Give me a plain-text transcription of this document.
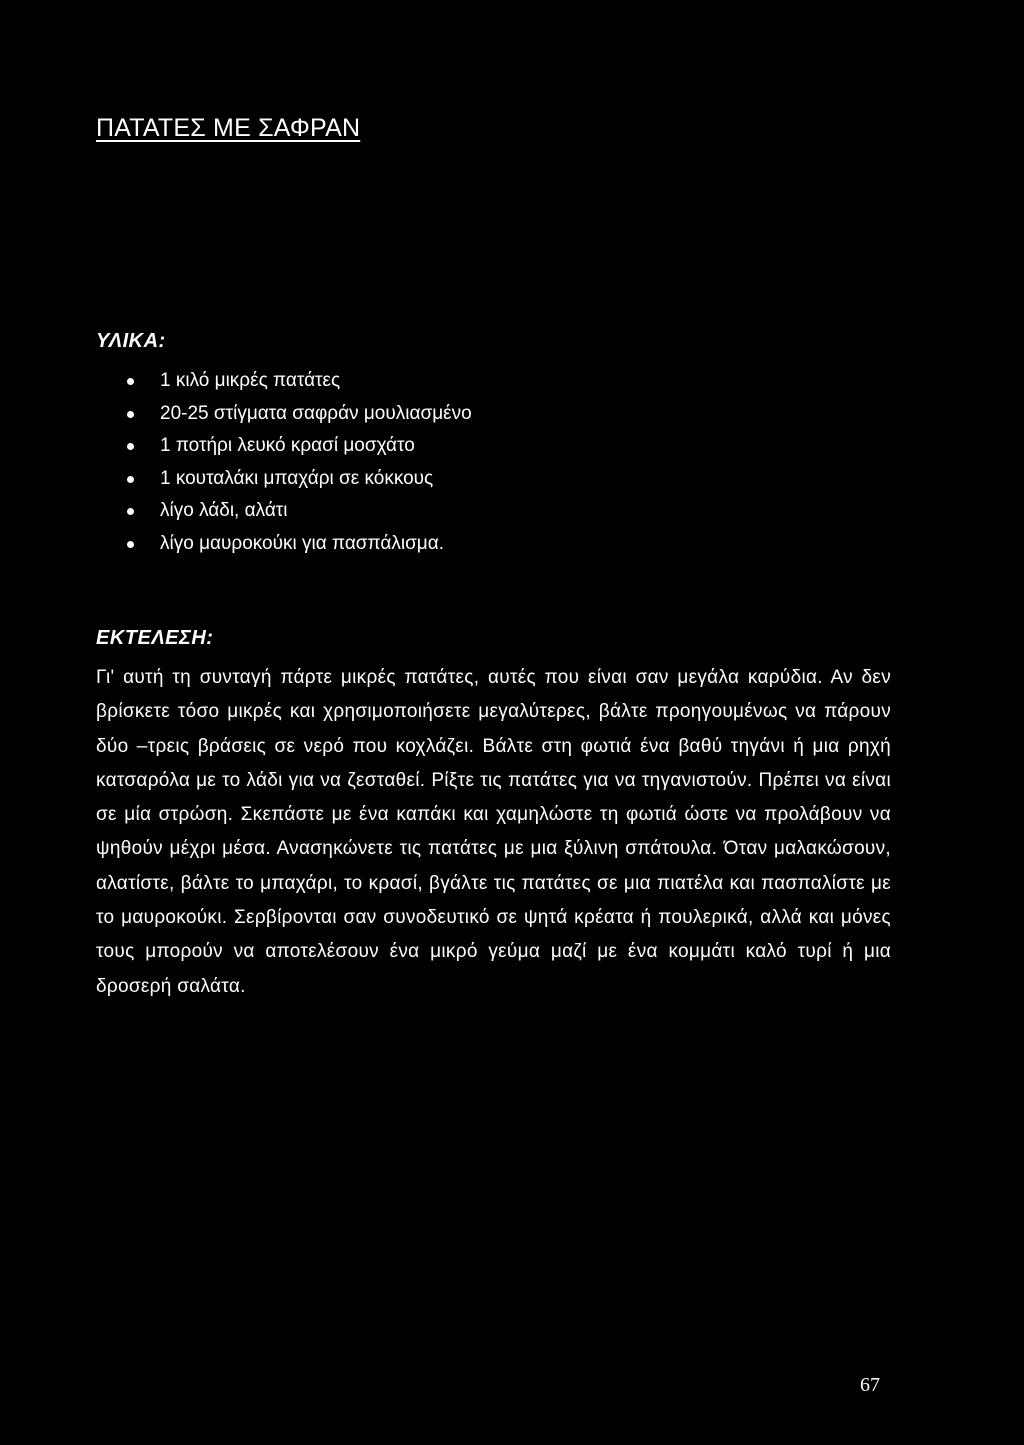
ΠΑΤΑΤΕΣ ΜΕ ΣΑΦΡΑΝ
ΥΛΙΚΑ:
1 κιλό μικρές πατάτες
20-25 στίγματα σαφράν μουλιασμένο
1 ποτήρι λευκό κρασί μοσχάτο
1 κουταλάκι μπαχάρι σε κόκκους
λίγο λάδι, αλάτι
λίγο μαυροκούκι για πασπάλισμα.
ΕΚΤΕΛΕΣΗ:

Γι' αυτή τη συνταγή πάρτε μικρές πατάτες, αυτές που είναι σαν μεγάλα καρύδια. Αν δεν βρίσκετε τόσο μικρές και χρησιμοποιήσετε μεγαλύτερες, βάλτε προηγουμένως να πάρουν δύο –τρεις βράσεις σε νερό που κοχλάζει. Βάλτε στη φωτιά ένα βαθύ τηγάνι ή μια ρηχή κατσαρόλα με το λάδι για να ζεσταθεί. Ρίξτε τις πατάτες για να τηγανιστούν. Πρέπει να είναι σε μία στρώση. Σκεπάστε με ένα καπάκι και χαμηλώστε τη φωτιά ώστε να προλάβουν να ψηθούν μέχρι μέσα. Ανασηκώνετε τις πατάτες με μια ξύλινη σπάτουλα. Όταν μαλακώσουν, αλατίστε, βάλτε το μπαχάρι, το κρασί, βγάλτε τις πατάτες σε μια πιατέλα και πασπαλίστε με το μαυροκούκι. Σερβίρονται σαν συνοδευτικό σε ψητά κρέατα ή πουλερικά, αλλά και μόνες τους μπορούν να αποτελέσουν ένα μικρό γεύμα μαζί με ένα κομμάτι καλό τυρί ή μια δροσερή σαλάτα.

67
